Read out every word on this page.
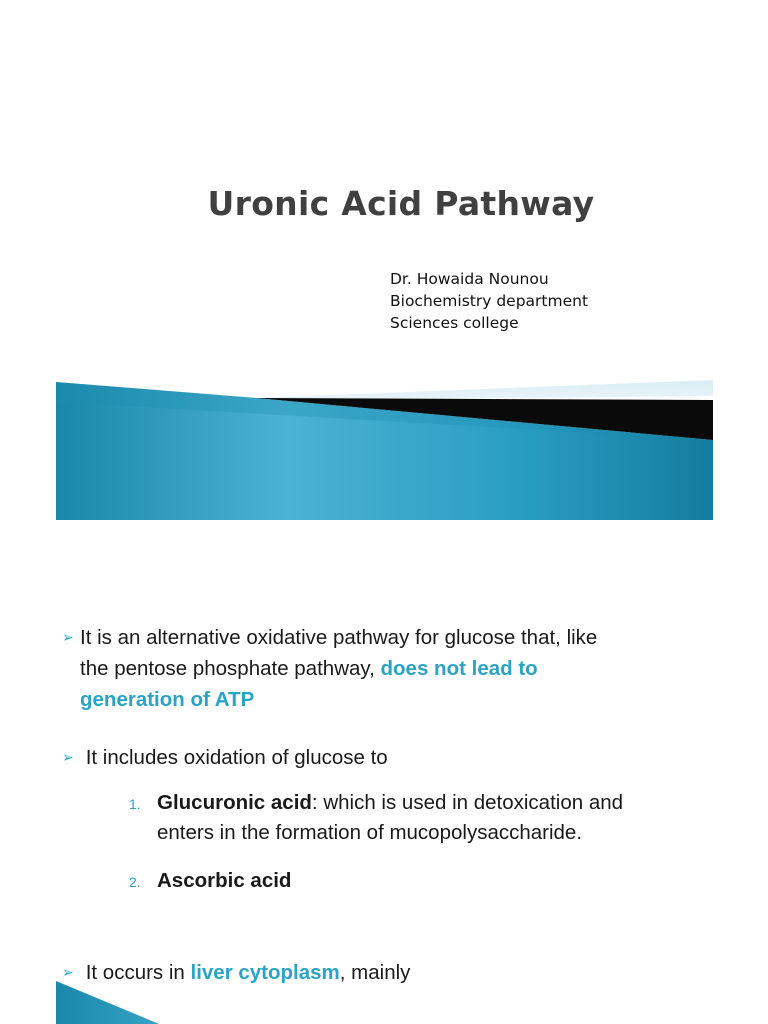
Uronic Acid Pathway
Dr. Howaida Nounou
Biochemistry department
Sciences college
➢ It is an alternative oxidative pathway for glucose that, like
the pentose phosphate pathway, does not lead to
generation of ATP
➢ It includes oxidation of glucose to
1. Glucuronic acid: which is used in detoxication and
enters in the formation of mucopolysaccharide.
2. Ascorbic acid
➢ It occurs in liver cytoplasm, mainly
